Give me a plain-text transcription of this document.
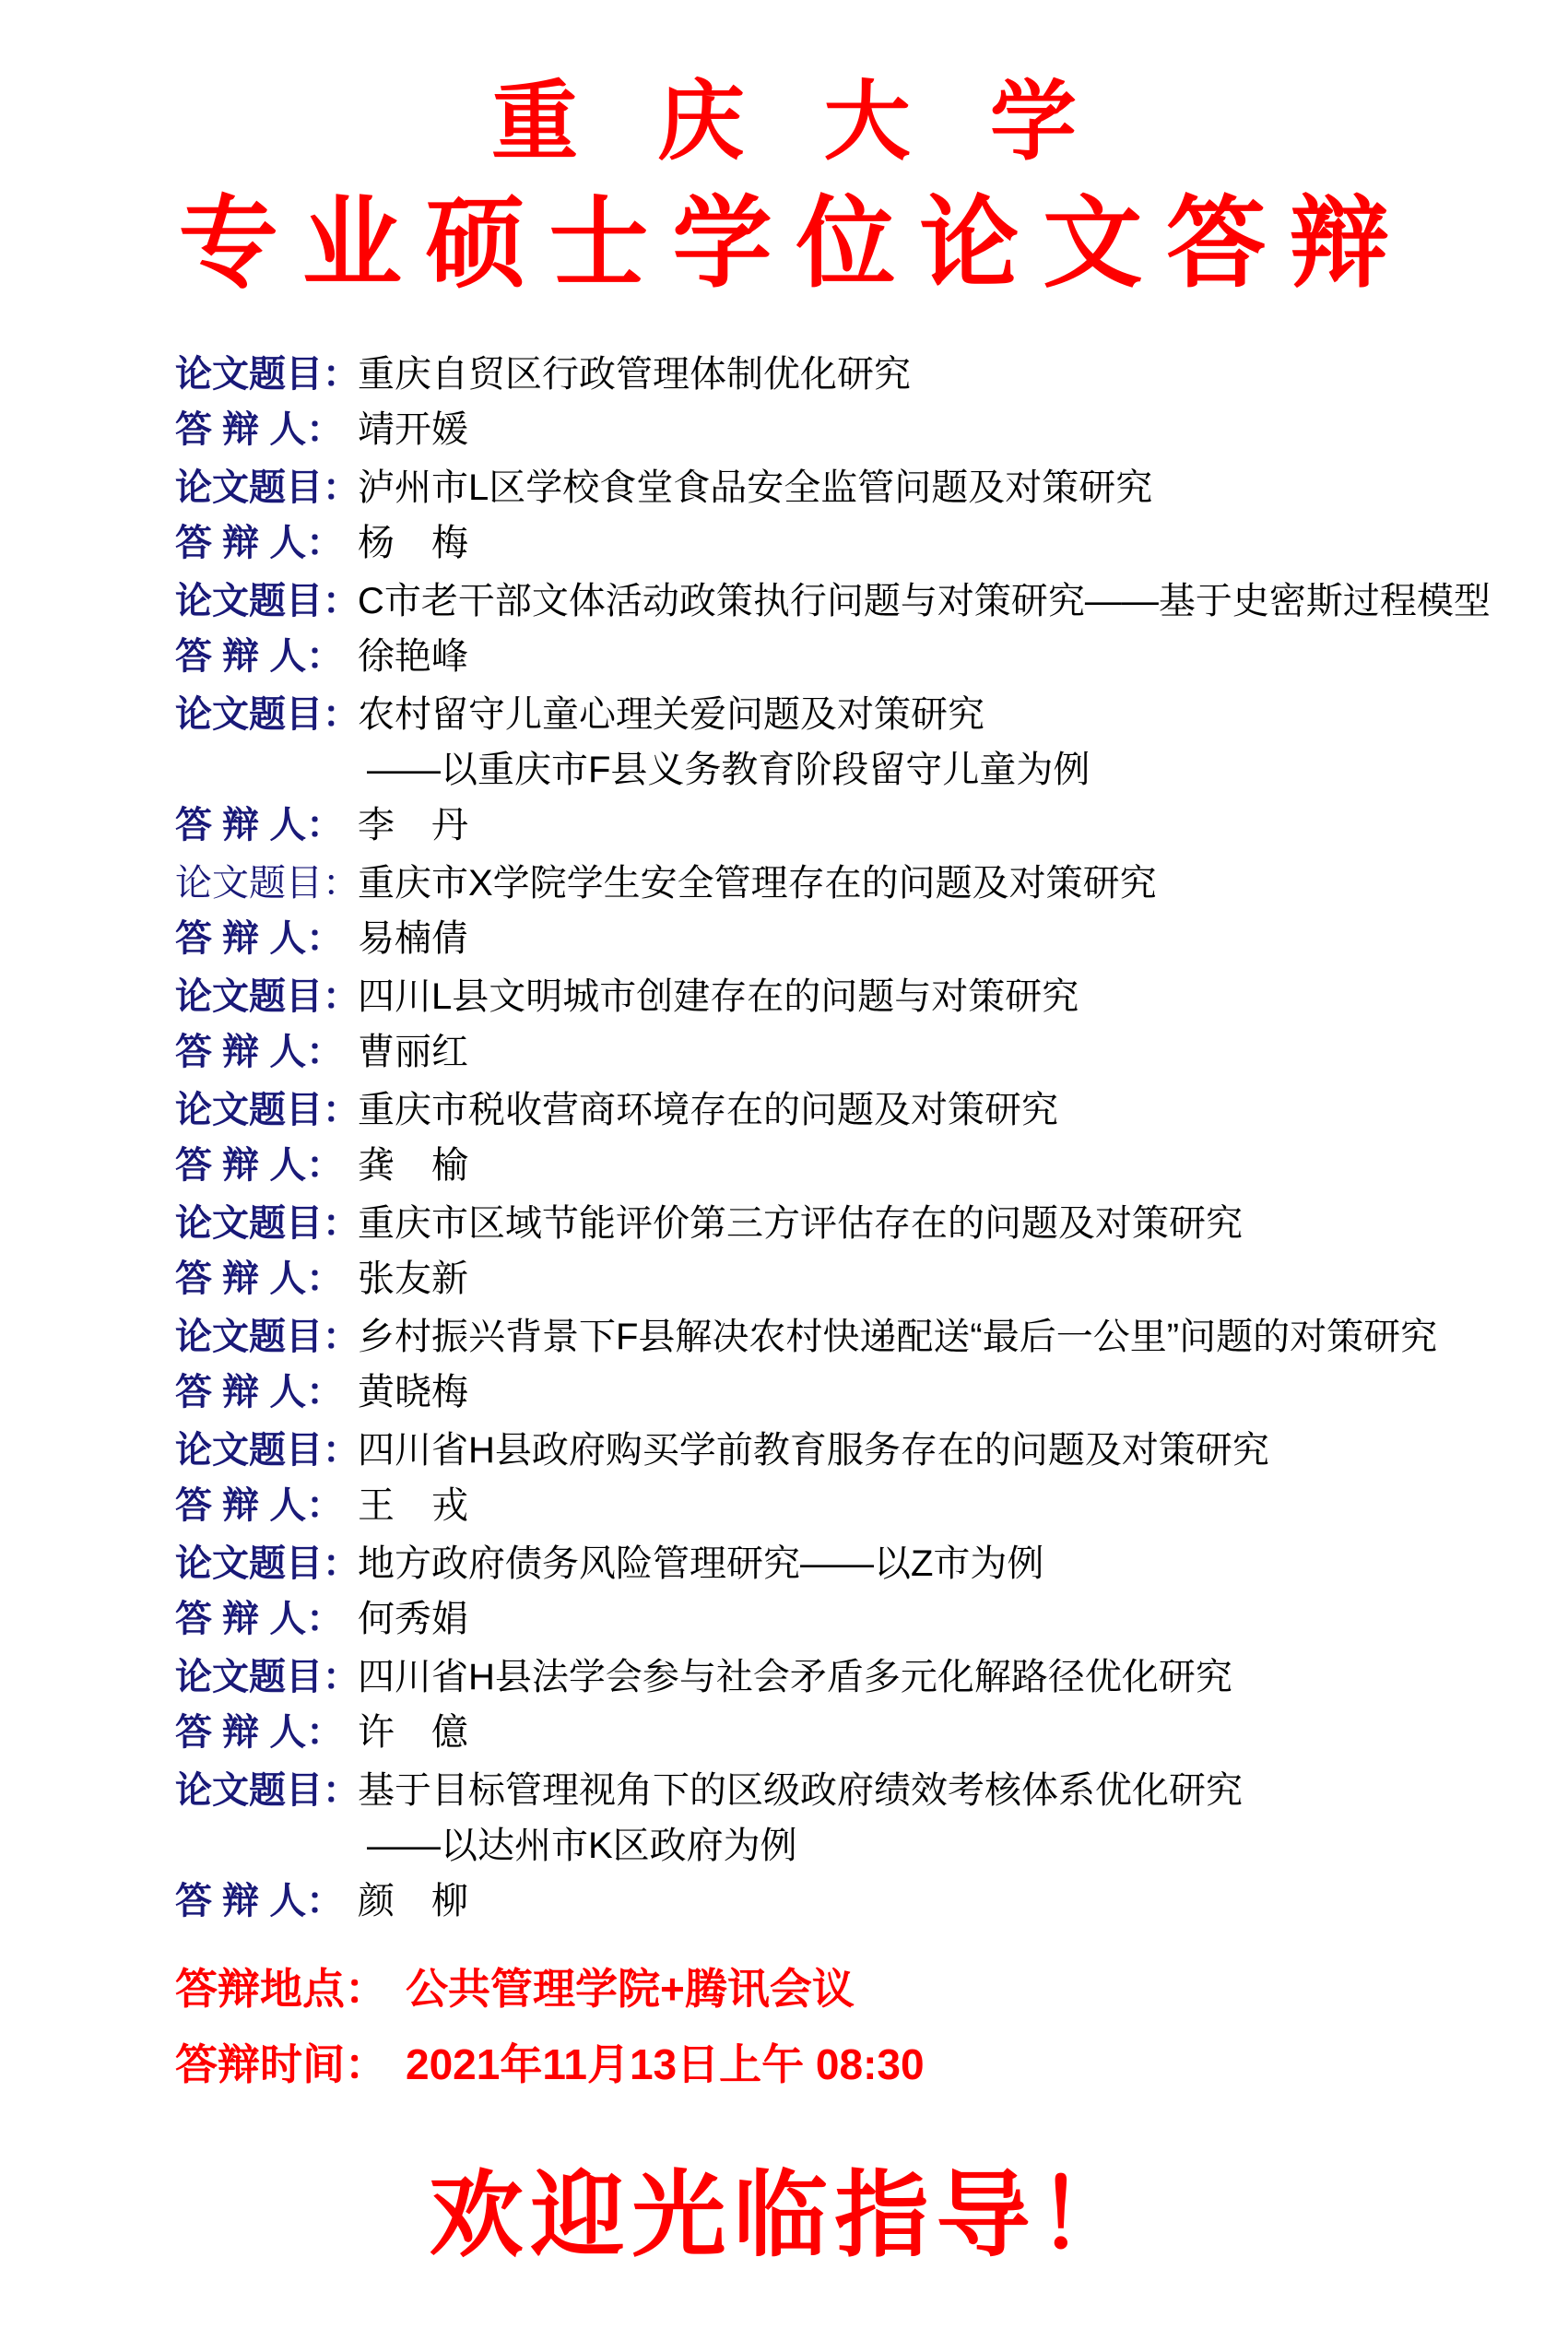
重 庆 大 学
专业硕士学位论文答辩
论文题目：重庆自贸区行政管理体制优化研究
答 辩 人： 靖开媛
论文题目：泸州市L区学校食堂食品安全监管问题及对策研究
答 辩 人： 杨　梅
论文题目：C市老干部文体活动政策执行问题与对策研究——基于史密斯过程模型
答 辩 人： 徐艳峰
论文题目：农村留守儿童心理关爱问题及对策研究
——以重庆市F县义务教育阶段留守儿童为例
答 辩 人： 李　丹
论文题目：重庆市X学院学生安全管理存在的问题及对策研究
答 辩 人： 易楠倩
论文题目：四川L县文明城市创建存在的问题与对策研究
答 辩 人： 曹丽红
论文题目：重庆市税收营商环境存在的问题及对策研究
答 辩 人： 龚　榆
论文题目：重庆市区域节能评价第三方评估存在的问题及对策研究
答 辩 人： 张友新
论文题目：乡村振兴背景下F县解决农村快递配送“最后一公里”问题的对策研究
答 辩 人： 黄晓梅
论文题目：四川省H县政府购买学前教育服务存在的问题及对策研究
答 辩 人： 王　戎
论文题目：地方政府债务风险管理研究——以Z市为例
答 辩 人： 何秀娟
论文题目：四川省H县法学会参与社会矛盾多元化解路径优化研究
答 辩 人： 许　億
论文题目：基于目标管理视角下的区级政府绩效考核体系优化研究
——以达州市K区政府为例
答 辩 人： 颜　柳
答辩地点： 公共管理学院+腾讯会议
答辩时间： 2021年11月13日上午 08:30
欢迎光临指导！
